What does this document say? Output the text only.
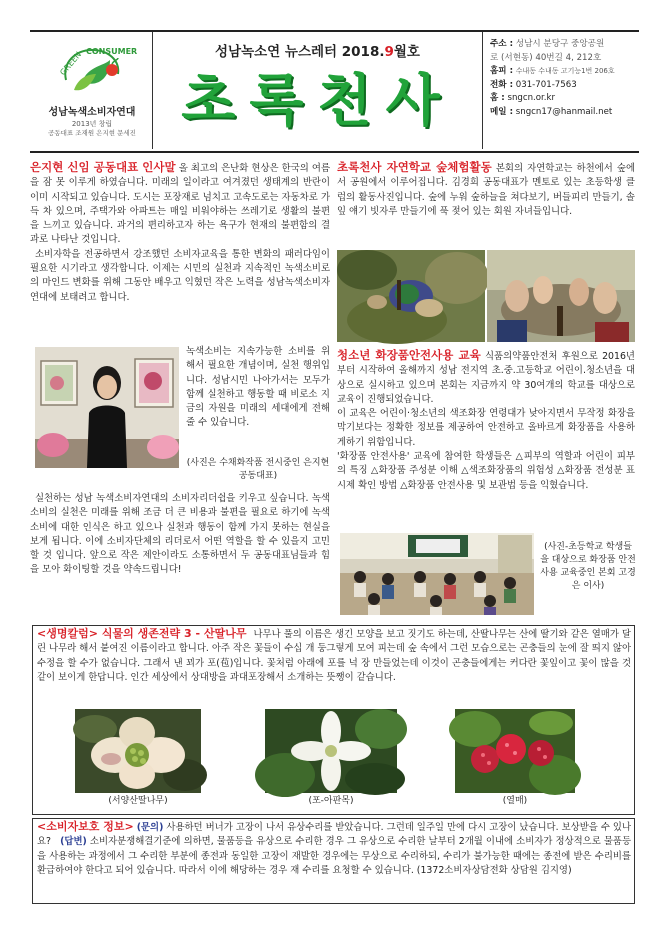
GREEN CONSUMER
성남녹색소비자연대
2013년 창립
공동대표 조재원 은지현 문세진
성남녹소연 뉴스레터 2018.9월호
초록천사
주소 : 성남시 분당구 중앙공원
로 (서현동) 40번길 4, 212호
홈피 : 수내동 수내동 고기능1번 206호
전화 : 031-701-7563
홈 : sngcn.or.kr
메일 : sngcn17@hanmail.net

은지현 신임 공동대표 인사말 올 최고의 은난화 현상은 한국의 여름을 잠 못 이루게 하였습니다. 미래의 일이라고 여겨졌던 생태계의 반란이 이미 시작되고 있습니다. 도시는 포장재로 넘치고 고속도로는 자동차로 가득 차 있으며, 주택가와 아파트는 매일 비워야하는 쓰레기로 생활의 불편을 느끼고 있습니다. 과거의 편리하고자 하는 욕구가 현재의 불편함의 결과로 나타난 것입니다.

소비자학을 전공하면서 강조했던 소비자교육을 통한 변화의 패러다임이 필요한 시기라고 생각합니다. 이제는 시민의 실천과 지속적인 녹색소비로의 마인드 변화를 위해 그동안 배우고 익혔던 작은 노력을 성남녹색소비자연대에 보태려고 합니다.

녹색소비는 지속가능한 소비를 위해서 필요한 개념이며, 실천 행위입니다. 성남시민 나아가서는 모두가 함께 실천하고 행동할 때 비로소 지금의 자원을 미래의 세대에게 전해줄 수 있습니다.
(사진은 수채화작품 전시중인 은지현 공동대표)
실천하는 성남 녹색소비자연대의 소비자리더쉽을 키우고 싶습니다. 녹색소비의 실천은 미래를 위해 조금 더 큰 비용과 불편을 필요로 하기에 녹색소비에 대한 인식은 하고 있으나 실천과 행동이 함께 가지 못하는 현실을 보게 됩니다. 이에 소비자단체의 리더로서 어떤 역할을 할 수 있을지 고민할 것 입니다. 앞으로 작은 제안이라도 소통하면서 두 공동대표님들과 힘을 모아 화이팅할 것을 약속드립니다!

초록천사 자연학교 숲체험활동 본회의 자연학교는 하천에서 숲에서 공원에서 이루어집니다. 김경희 공동대표가 멘토로 있는 초등학생 클럽의 활동사진입니다. 숲에 누워 숲하늘을 쳐다보기, 버들피리 만들기, 솔잎 얘기 빗자루 만들기에 푹 젖어 있는 회원 자녀들입니다.

청소년 화장품안전사용 교육 식품의약품안전처 후원으로 2016년부터 시작하여 올해까지 성남 전지역 초.중.고등학교 어린이.청소년을 대상으로 실시하고 있으며 본회는 지금까지 약 30여개의 학교를 대상으로 교육이 진행되었습니다.

이 교육은 어린이·청소년의 색조화장 연령대가 낮아지면서 무작정 화장을 막기보다는 정확한 정보를 제공하여 안전하고 올바르게 화장품을 사용하게하기 위함입니다.

'화장품 안전사용' 교육에 참여한 학생들은 △피부의 역할과 어린이 피부의 특징 △화장품 주성분 이해 △색조화장품의 위험성 △화장품 전성분 표시제 확인 방법 △화장품 안전사용 및 보관법 등을 익혔습니다.

(사진-초등학교 학생들을 대상으로 화장품 안전사용 교육중인 본회 고경은 이사)
<생명칼럼> 식물의 생존전략 3 - 산딸나무 나무나 풀의 이름은 생긴 모양을 보고 짓기도 하는데, 산딸나무는 산에 딸기와 같은 열매가 달린 나무라 해서 붙여진 이름이라고 합니다. 아주 작은 꽃들이 수십 개 둥그렇게 모여 피는데 숲 속에서 그런 모습으로는 곤충들의 눈에 잘 띄지 않아 수정을 할 수가 없습니다. 그래서 낸 꾀가 포(苞)입니다. 꽃처럼 아래에 포를 넉 장 만들었는데 이것이 곤충들에게는 커다란 꽃잎이고 꽃이 많을 것 같이 보이게 한답니다. 인간 세상에서 상대방을 과대포장해서 소개하는 뜻쨍이 같습니다.
(서양산딸나무)	(포-아판목)	(열매)
<소비자보호 정보> (문의) 사용하던 버너가 고장이 나서 유상수리를 받았습니다. 그런데 일주일 만에 다시 고장이 났습니다. 보상받을 수 있나요? (답변) 소비자분쟁해결기준에 의하면, 물품등을 유상으로 수리한 경우 그 유상으로 수리한 날부터 2개월 이내에 소비자가 정상적으로 물품등을 사용하는 과정에서 그 수리한 부분에 종전과 동일한 고장이 재발한 경우에는 무상으로 수리하되, 수리가 불가능한 때에는 종전에 받은 수리비를 환급하여야 한다고 되어 있습니다. 따라서 이에 해당하는 경우 재 수리를 요청할 수 있습니다. (1372소비자상담전화 상담원 김지영)
